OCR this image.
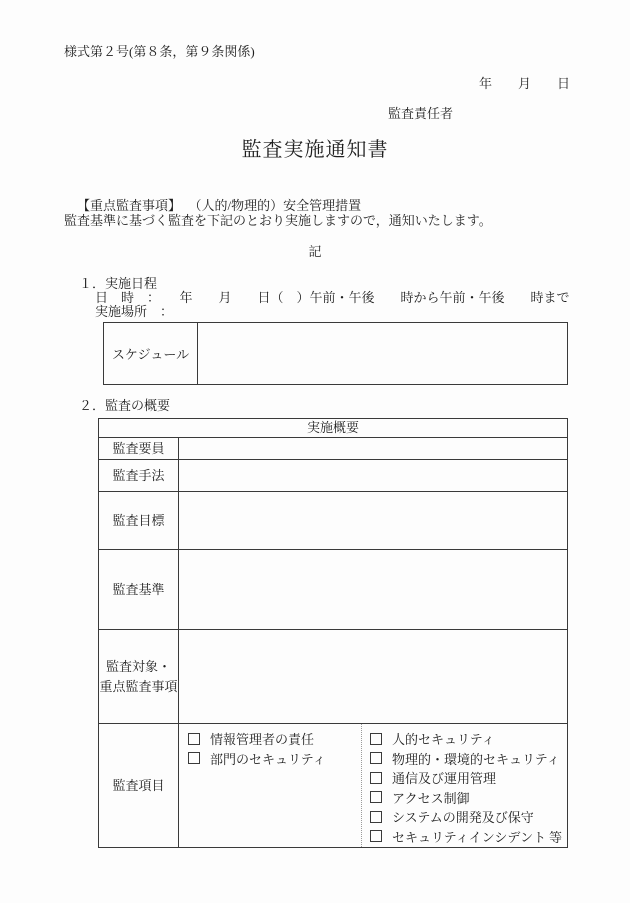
様式第２号(第８条，第９条関係)
年　　月　　日
監査責任者
監査実施通知書

【重点監査事項】 （人的/物理的）安全管理措置

監査基準に基づく監査を下記のとおり実施しますので，通知いたします。
記
１．実施日程
日　時　：　　年　　月　　日（　）午前・午後　　時から午前・午後　　時まで
実施場所　：
スケジュール
２．監査の概要
実施概要
監査要員
監査手法
監査目標
監査基準
監査対象・
重点監査事項
監査項目
情報管理者の責任
部門のセキュリティ
人的セキュリティ
物理的・環境的セキュリティ
通信及び運用管理
アクセス制御
システムの開発及び保守
セキュリティインシデント 等
